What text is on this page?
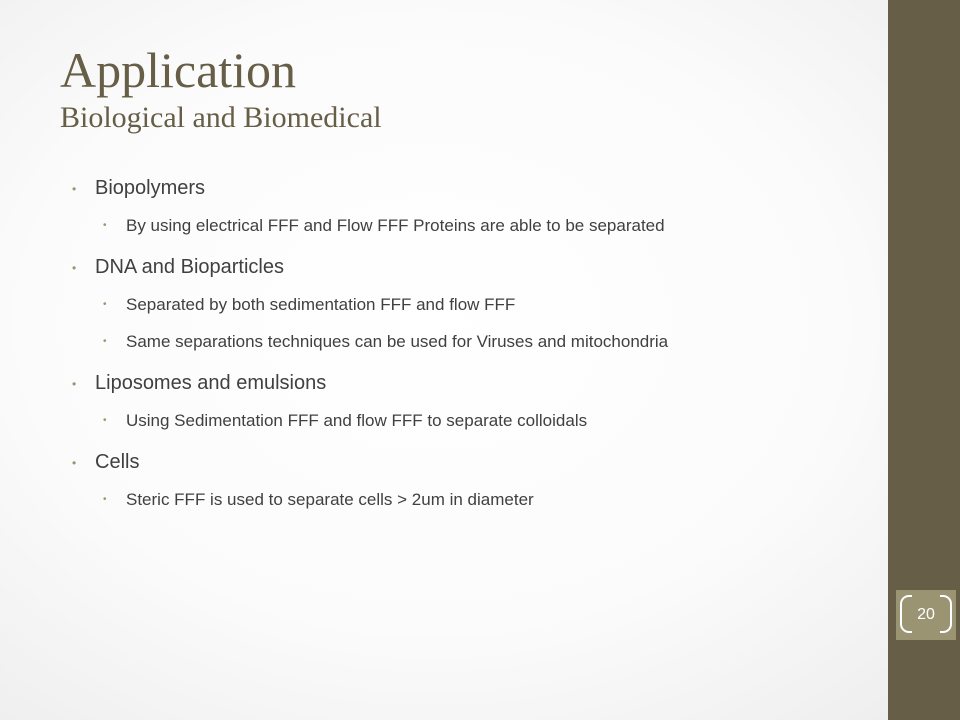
20
Application
Biological and Biomedical
• Biopolymers
• By using electrical FFF and Flow FFF Proteins are able to be separated
• DNA and Bioparticles
• Separated by both sedimentation FFF and flow FFF
• Same separations techniques can be used for Viruses and mitochondria
• Liposomes and emulsions
• Using Sedimentation FFF and flow FFF to separate colloidals
• Cells
• Steric FFF is used to separate cells > 2um in diameter
